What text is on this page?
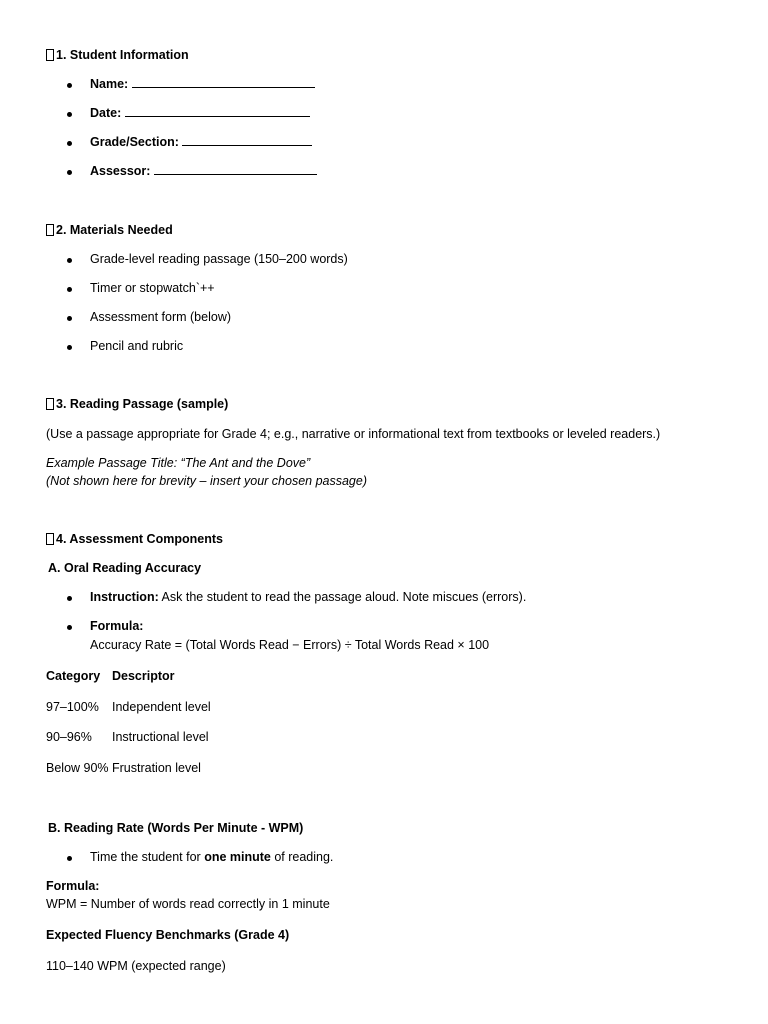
1. Student Information
Name:
Date:
Grade/Section:
Assessor:
2. Materials Needed
Grade-level reading passage (150–200 words)
Timer or stopwatch`++
Assessment form (below)
Pencil and rubric
3. Reading Passage (sample)
(Use a passage appropriate for Grade 4; e.g., narrative or informational text from textbooks or leveled readers.)
Example Passage Title: “The Ant and the Dove”
(Not shown here for brevity – insert your chosen passage)
4. Assessment Components
A. Oral Reading Accuracy
Instruction: Ask the student to read the passage aloud. Note miscues (errors).
Formula:
Accuracy Rate = (Total Words Read − Errors) ÷ Total Words Read × 100
Category Descriptor
97–100% Independent level
90–96% Instructional level
Below 90% Frustration level
B. Reading Rate (Words Per Minute - WPM)
Time the student for one minute of reading.
Formula:
WPM = Number of words read correctly in 1 minute
Expected Fluency Benchmarks (Grade 4)
110–140 WPM (expected range)
